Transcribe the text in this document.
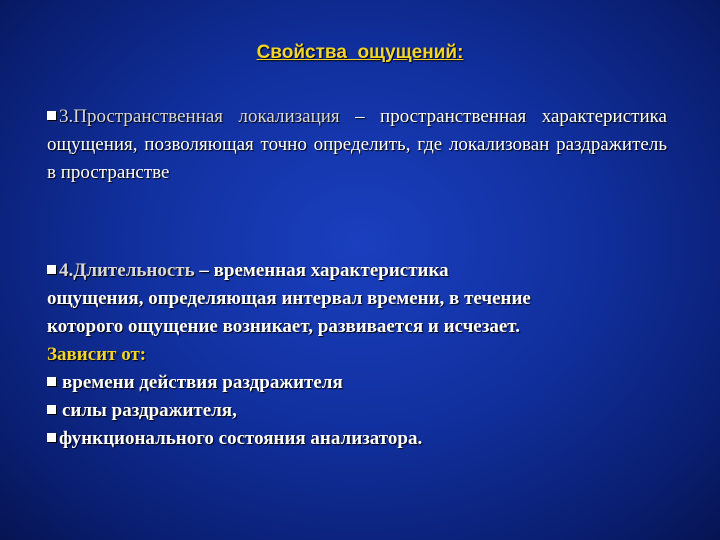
Свойства  ощущений:
3.Пространственная локализация – пространственная характеристика ощущения, позволяющая точно определить, где локализован раздражитель в пространстве
4.Длительность – временная характеристика
ощущения, определяющая интервал времени, в течение
которого ощущение возникает, развивается и исчезает.
Зависит от:
времени действия раздражителя
силы раздражителя,
функционального состояния анализатора.
